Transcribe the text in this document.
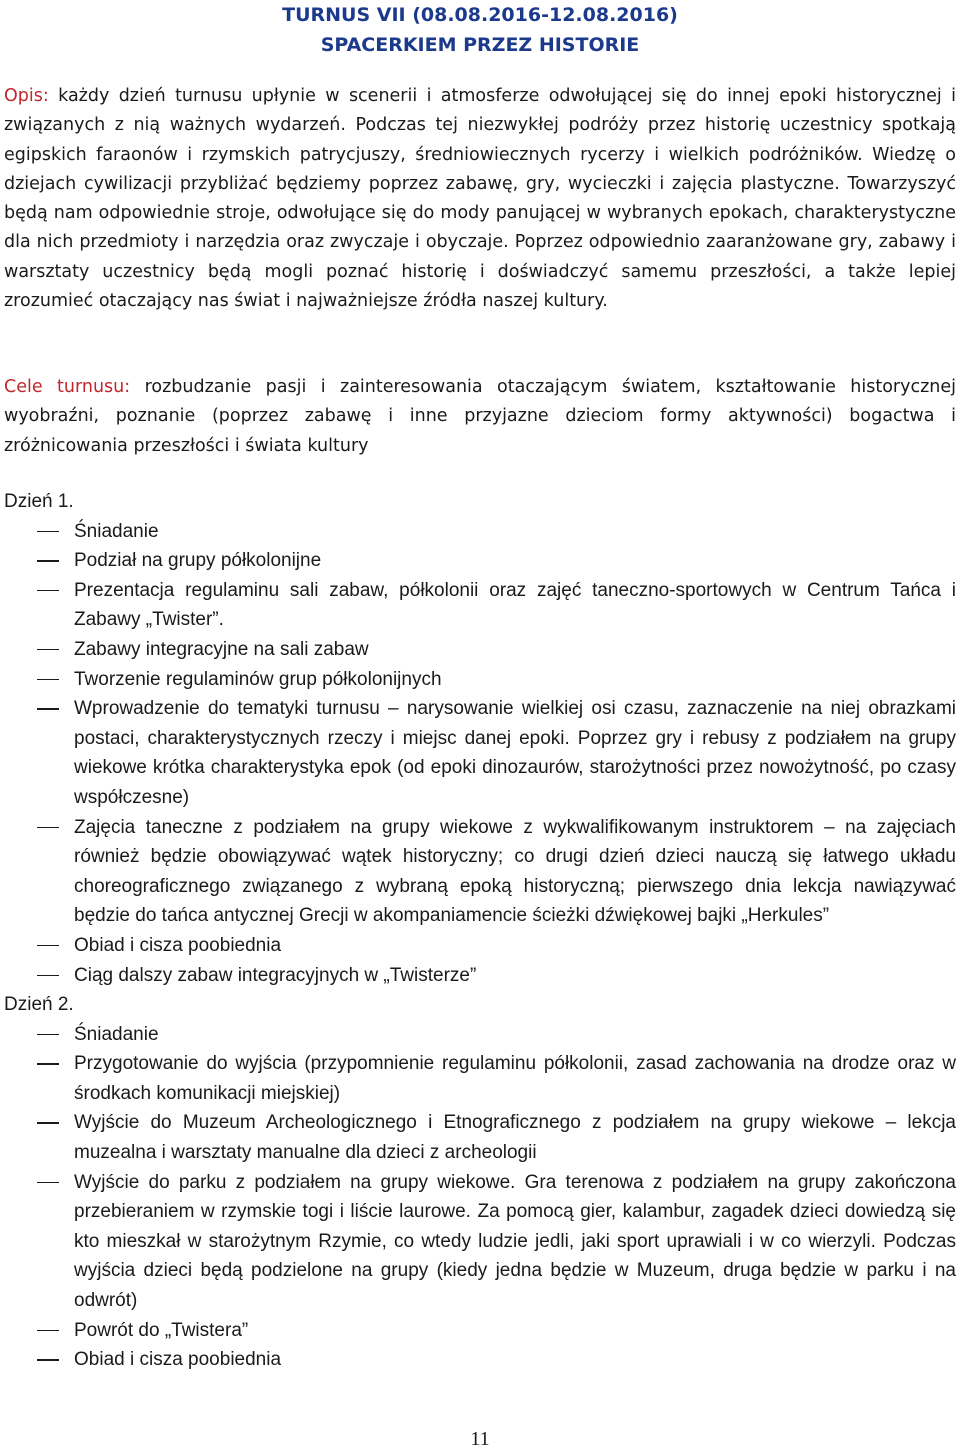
TURNUS VII (08.08.2016-12.08.2016)
SPACERKIEM PRZEZ HISTORIE

Opis: każdy dzień turnusu upłynie w scenerii i atmosferze odwołującej się do innej epoki historycznej i związanych z nią ważnych wydarzeń. Podczas tej niezwykłej podróży przez historię uczestnicy spotkają egipskich faraonów i rzymskich patrycjuszy, średniowiecznych rycerzy i wielkich podróżników. Wiedzę o dziejach cywilizacji przybliżać będziemy poprzez zabawę, gry, wycieczki i zajęcia plastyczne. Towarzyszyć będą nam odpowiednie stroje, odwołujące się do mody panującej w wybranych epokach, charakterystyczne dla nich przedmioty i narzędzia oraz zwyczaje i obyczaje. Poprzez odpowiednio zaaranżowane gry, zabawy i warsztaty uczestnicy będą mogli poznać historię i doświadczyć samemu przeszłości, a także lepiej zrozumieć otaczający nas świat i najważniejsze źródła naszej kultury.

Cele turnusu: rozbudzanie pasji i zainteresowania otaczającym światem, kształtowanie historycznej wyobraźni, poznanie (poprzez zabawę i inne przyjazne dzieciom formy aktywności) bogactwa i zróżnicowania przeszłości i świata kultury

Dzień 1.
Śniadanie
Podział na grupy półkolonijne
Prezentacja regulaminu sali zabaw, półkolonii oraz zajęć taneczno-sportowych w Centrum Tańca i Zabawy „Twister”.
Zabawy integracyjne na sali zabaw
Tworzenie regulaminów grup półkolonijnych
Wprowadzenie do tematyki turnusu – narysowanie wielkiej osi czasu, zaznaczenie na niej obrazkami postaci, charakterystycznych rzeczy i miejsc danej epoki. Poprzez gry i rebusy z podziałem na grupy wiekowe krótka charakterystyka epok (od epoki dinozaurów, starożytności przez nowożytność, po czasy współczesne)
Zajęcia taneczne z podziałem na grupy wiekowe z wykwalifikowanym instruktorem – na zajęciach również będzie obowiązywać wątek historyczny; co drugi dzień dzieci nauczą się łatwego układu choreograficznego związanego z wybraną epoką historyczną; pierwszego dnia lekcja nawiązywać będzie do tańca antycznej Grecji w akompaniamencie ścieżki dźwiękowej bajki „Herkules”
Obiad i cisza poobiednia
Ciąg dalszy zabaw integracyjnych w „Twisterze”
Dzień 2.
Śniadanie
Przygotowanie do wyjścia (przypomnienie regulaminu półkolonii, zasad zachowania na drodze oraz w środkach komunikacji miejskiej)
Wyjście do Muzeum Archeologicznego i Etnograficznego z podziałem na grupy wiekowe – lekcja muzealna i warsztaty manualne dla dzieci z archeologii
Wyjście do parku z podziałem na grupy wiekowe. Gra terenowa z podziałem na grupy zakończona przebieraniem w rzymskie togi i liście laurowe. Za pomocą gier, kalambur, zagadek dzieci dowiedzą się kto mieszkał w starożytnym Rzymie, co wtedy ludzie jedli, jaki sport uprawiali i w co wierzyli. Podczas wyjścia dzieci będą podzielone na grupy (kiedy jedna będzie w Muzeum, druga będzie w parku i na odwrót)
Powrót do „Twistera”
Obiad i cisza poobiednia
11
